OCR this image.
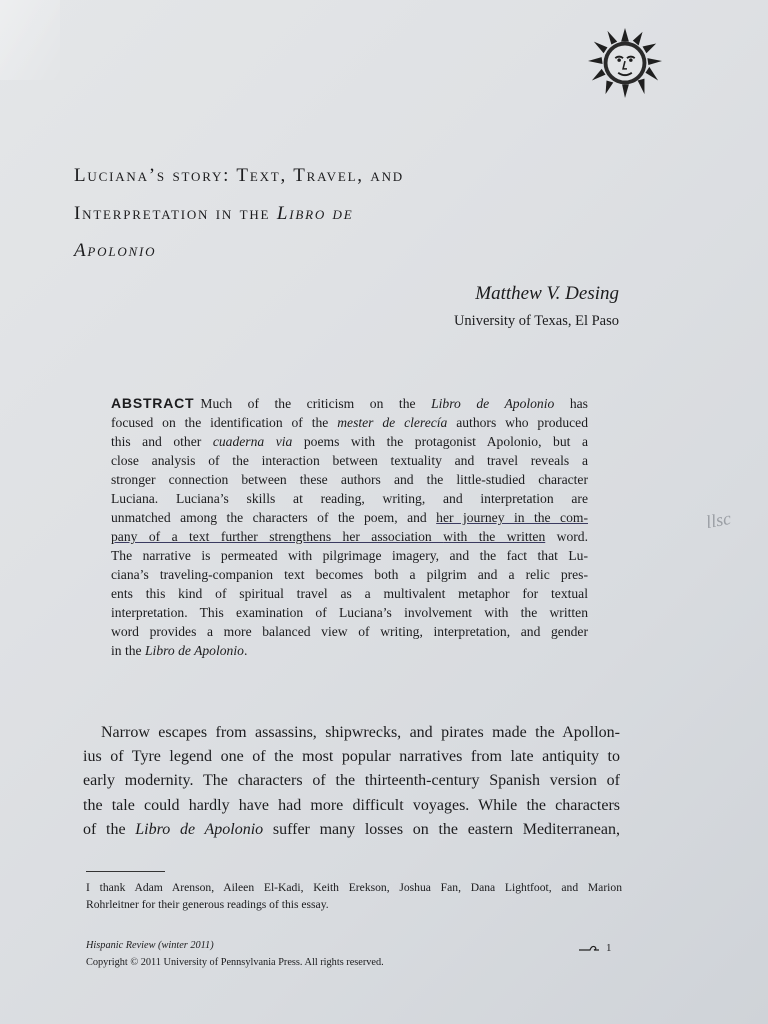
Luciana’s story: Text, Travel, and
Interpretation in the Libro de
Apolonio
Matthew V. Desing
University of Texas, El Paso
ABSTRACT Much of the criticism on the Libro de Apolonio has
focused on the identification of the mester de clerecía authors who produced
this and other cuaderna via poems with the protagonist Apolonio, but a
close analysis of the interaction between textuality and travel reveals a
stronger connection between these authors and the little-studied character
Luciana. Luciana’s skills at reading, writing, and interpretation are
unmatched among the characters of the poem, and her journey in the com-
pany of a text further strengthens her association with the written word.
The narrative is permeated with pilgrimage imagery, and the fact that Lu-
ciana’s traveling-companion text becomes both a pilgrim and a relic pres-
ents this kind of spiritual travel as a multivalent metaphor for textual
interpretation. This examination of Luciana’s involvement with the written
word provides a more balanced view of writing, interpretation, and gender
in the Libro de Apolonio.
llsc
Narrow escapes from assassins, shipwrecks, and pirates made the Apollon-
ius of Tyre legend one of the most popular narratives from late antiquity to
early modernity. The characters of the thirteenth-century Spanish version of
the tale could hardly have had more difficult voyages. While the characters
of the Libro de Apolonio suffer many losses on the eastern Mediterranean,
I thank Adam Arenson, Aileen El-Kadi, Keith Erekson, Joshua Fan, Dana Lightfoot, and Marion
Rohrleitner for their generous readings of this essay.
Hispanic Review (winter 2011)
Copyright © 2011 University of Pennsylvania Press. All rights reserved.
1
